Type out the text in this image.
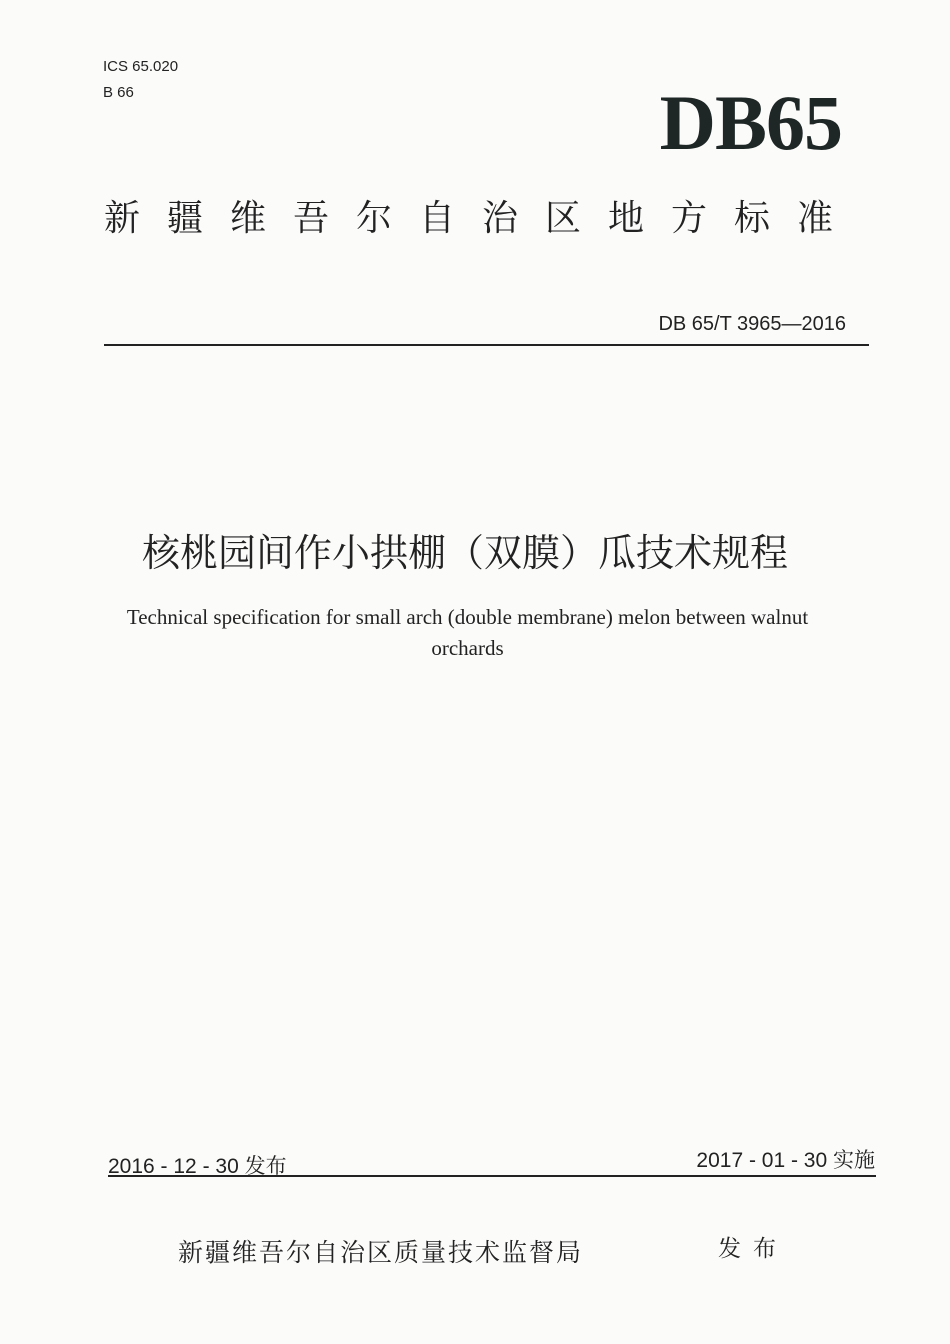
ICS 65.020
B 66	DB65
新疆维吾尔自治区地方标准
DB 65/T 3965—2016
核桃园间作小拱棚（双膜）瓜技术规程
Technical specification for small arch (double membrane) melon between walnut orchards
2016 - 12 - 30 发布	2017 - 01 - 30 实施
新疆维吾尔自治区质量技术监督局	发布
